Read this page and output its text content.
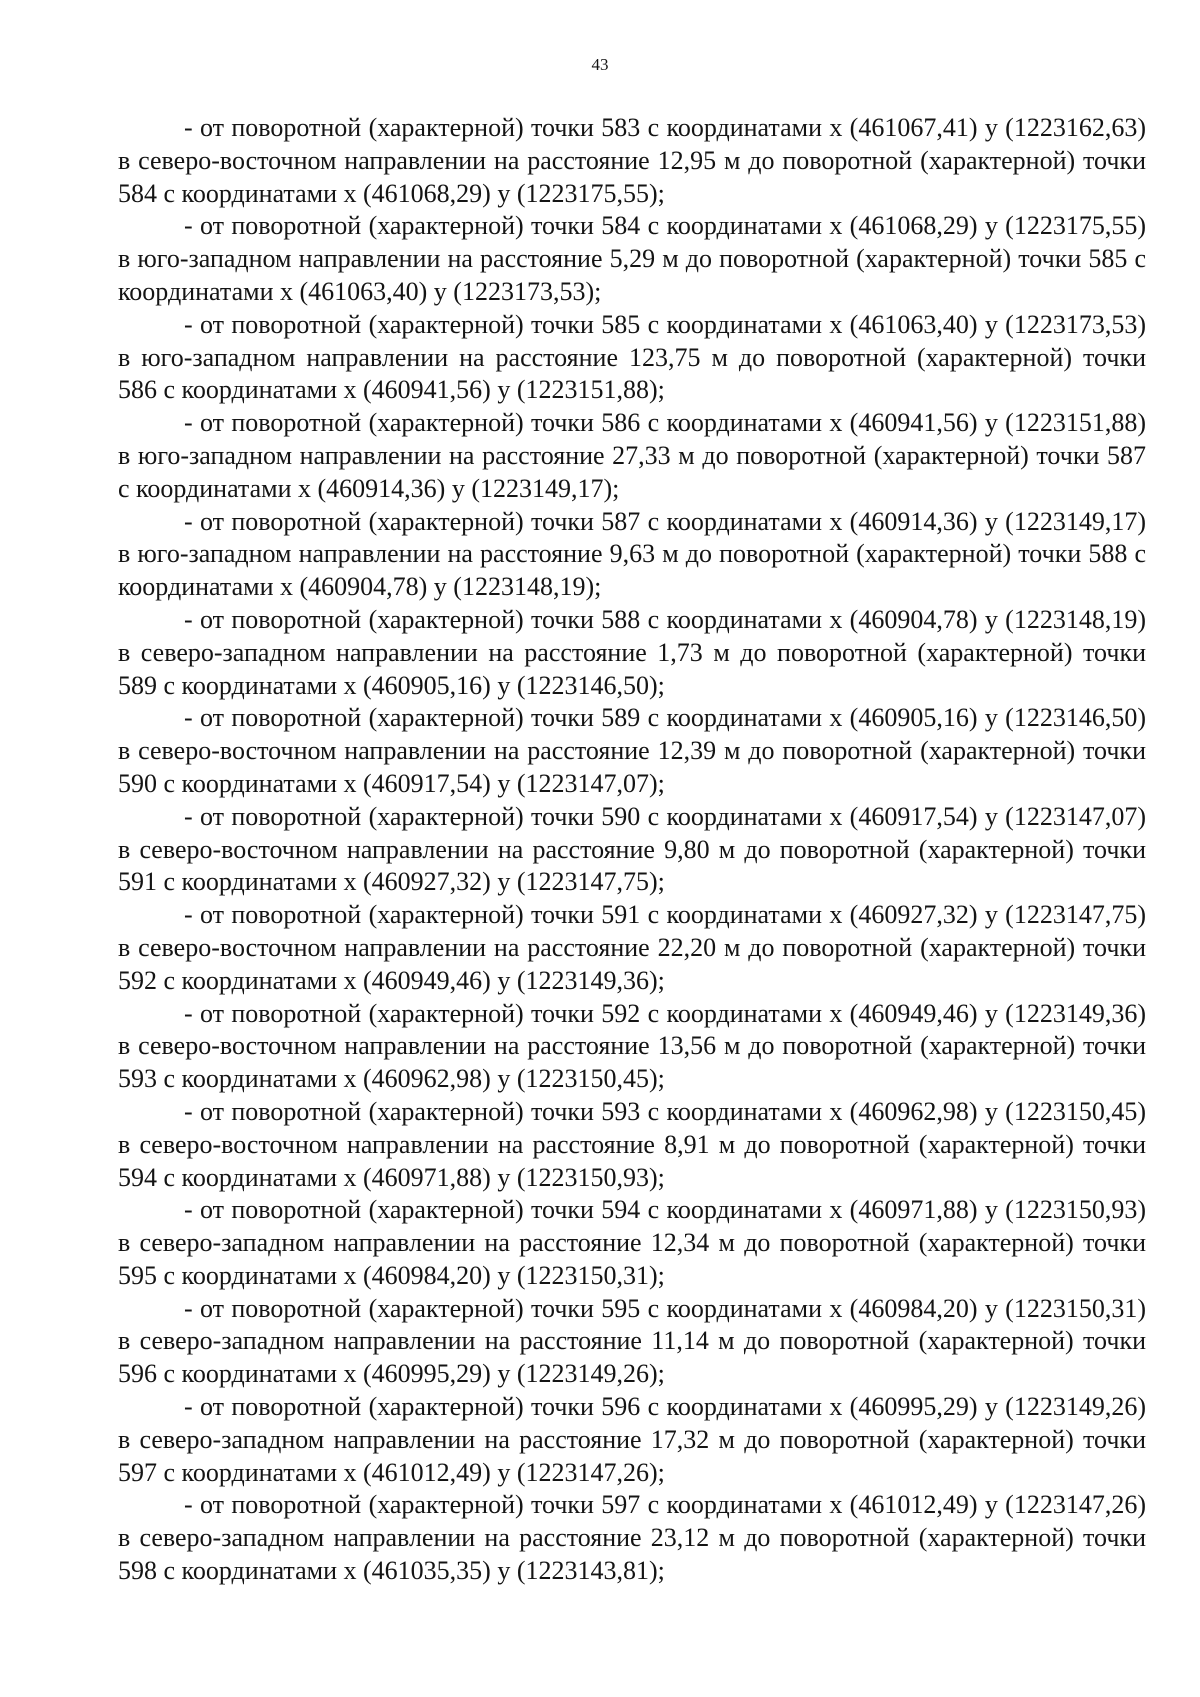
43

- от поворотной (характерной) точки 583 с координатами x (461067,41) y (1223162,63) в северо-восточном направлении на расстояние 12,95 м до поворотной (характерной) точки 584 с координатами x (461068,29) y (1223175,55);

- от поворотной (характерной) точки 584 с координатами x (461068,29) y (1223175,55) в юго-западном направлении на расстояние 5,29 м до поворотной (характерной) точки 585 с координатами x (461063,40) y (1223173,53);

- от поворотной (характерной) точки 585 с координатами x (461063,40) y (1223173,53) в юго-западном направлении на расстояние 123,75 м до поворотной (характерной) точки 586 с координатами x (460941,56) y (1223151,88);

- от поворотной (характерной) точки 586 с координатами x (460941,56) y (1223151,88) в юго-западном направлении на расстояние 27,33 м до поворотной (характерной) точки 587 с координатами x (460914,36) y (1223149,17);

- от поворотной (характерной) точки 587 с координатами x (460914,36) y (1223149,17) в юго-западном направлении на расстояние 9,63 м до поворотной (характерной) точки 588 с координатами x (460904,78) y (1223148,19);

- от поворотной (характерной) точки 588 с координатами x (460904,78) y (1223148,19) в северо-западном направлении на расстояние 1,73 м до поворотной (характерной) точки 589 с координатами x (460905,16) y (1223146,50);

- от поворотной (характерной) точки 589 с координатами x (460905,16) y (1223146,50) в северо-восточном направлении на расстояние 12,39 м до поворотной (характерной) точки 590 с координатами x (460917,54) y (1223147,07);

- от поворотной (характерной) точки 590 с координатами x (460917,54) y (1223147,07) в северо-восточном направлении на расстояние 9,80 м до поворотной (характерной) точки 591 с координатами x (460927,32) y (1223147,75);

- от поворотной (характерной) точки 591 с координатами x (460927,32) y (1223147,75) в северо-восточном направлении на расстояние 22,20 м до поворотной (характерной) точки 592 с координатами x (460949,46) y (1223149,36);

- от поворотной (характерной) точки 592 с координатами x (460949,46) y (1223149,36) в северо-восточном направлении на расстояние 13,56 м до поворотной (характерной) точки 593 с координатами x (460962,98) y (1223150,45);

- от поворотной (характерной) точки 593 с координатами x (460962,98) y (1223150,45) в северо-восточном направлении на расстояние 8,91 м до поворотной (характерной) точки 594 с координатами x (460971,88) y (1223150,93);

- от поворотной (характерной) точки 594 с координатами x (460971,88) y (1223150,93) в северо-западном направлении на расстояние 12,34 м до поворотной (характерной) точки 595 с координатами x (460984,20) y (1223150,31);

- от поворотной (характерной) точки 595 с координатами x (460984,20) y (1223150,31) в северо-западном направлении на расстояние 11,14 м до поворотной (характерной) точки 596 с координатами x (460995,29) y (1223149,26);

- от поворотной (характерной) точки 596 с координатами x (460995,29) y (1223149,26) в северо-западном направлении на расстояние 17,32 м до поворотной (характерной) точки 597 с координатами x (461012,49) y (1223147,26);

- от поворотной (характерной) точки 597 с координатами x (461012,49) y (1223147,26) в северо-западном направлении на расстояние 23,12 м до поворотной (характерной) точки 598 с координатами x (461035,35) y (1223143,81);
